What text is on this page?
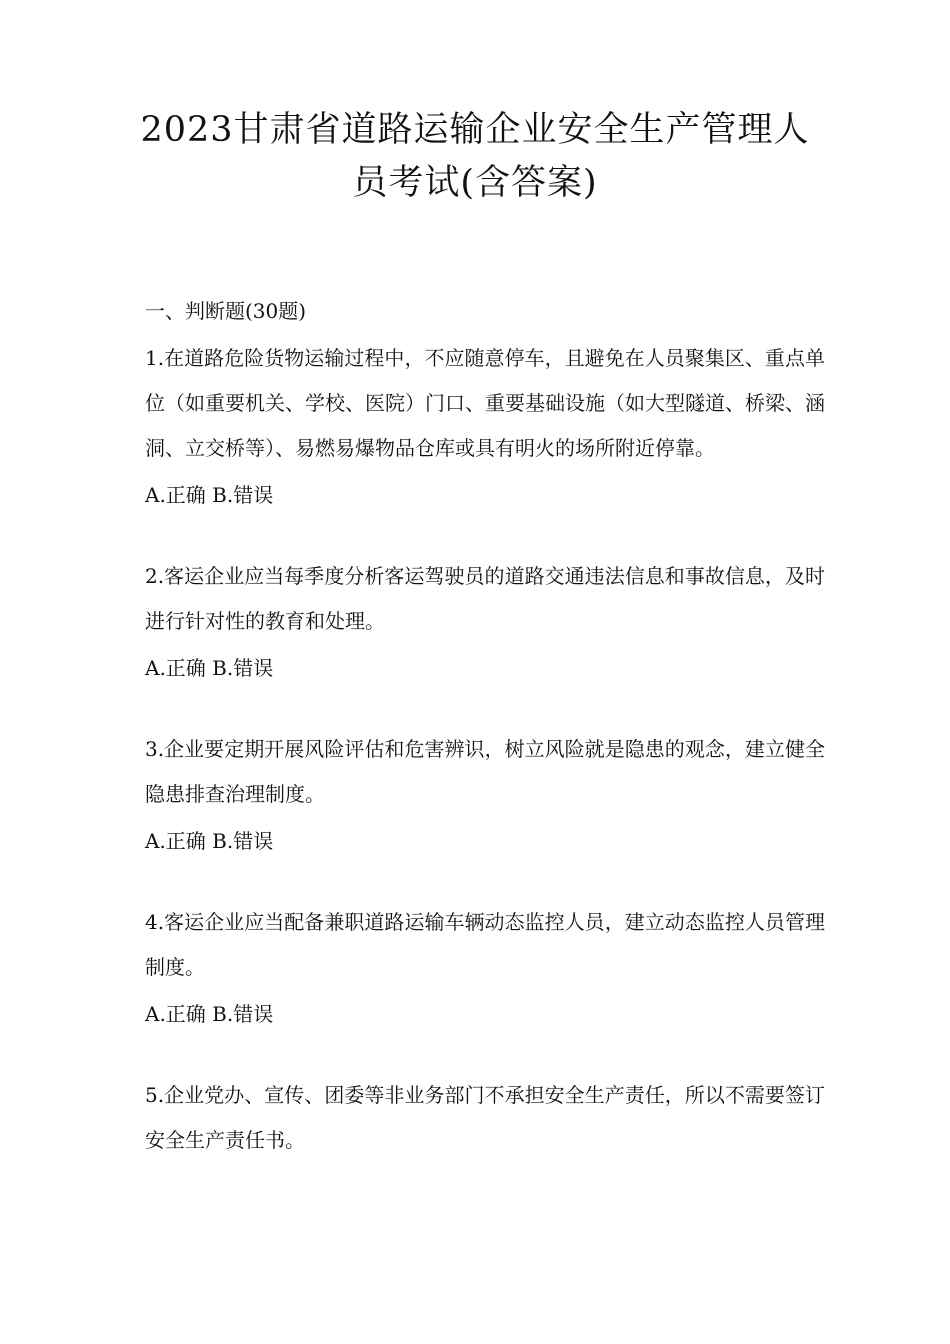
2023甘肃省道路运输企业安全生产管理人
员考试(含答案)

一、判断题(30题)

1.在道路危险货物运输过程中，不应随意停车，且避免在人员聚集区、重点单位（如重要机关、学校、医院）门口、重要基础设施（如大型隧道、桥梁、涵洞、立交桥等）、易燃易爆物品仓库或具有明火的场所附近停靠。

A.正确 B.错误

2.客运企业应当每季度分析客运驾驶员的道路交通违法信息和事故信息，及时进行针对性的教育和处理。

A.正确 B.错误

3.企业要定期开展风险评估和危害辨识，树立风险就是隐患的观念，建立健全隐患排查治理制度。

A.正确 B.错误

4.客运企业应当配备兼职道路运输车辆动态监控人员，建立动态监控人员管理制度。

A.正确 B.错误

5.企业党办、宣传、团委等非业务部门不承担安全生产责任，所以不需要签订安全生产责任书。
